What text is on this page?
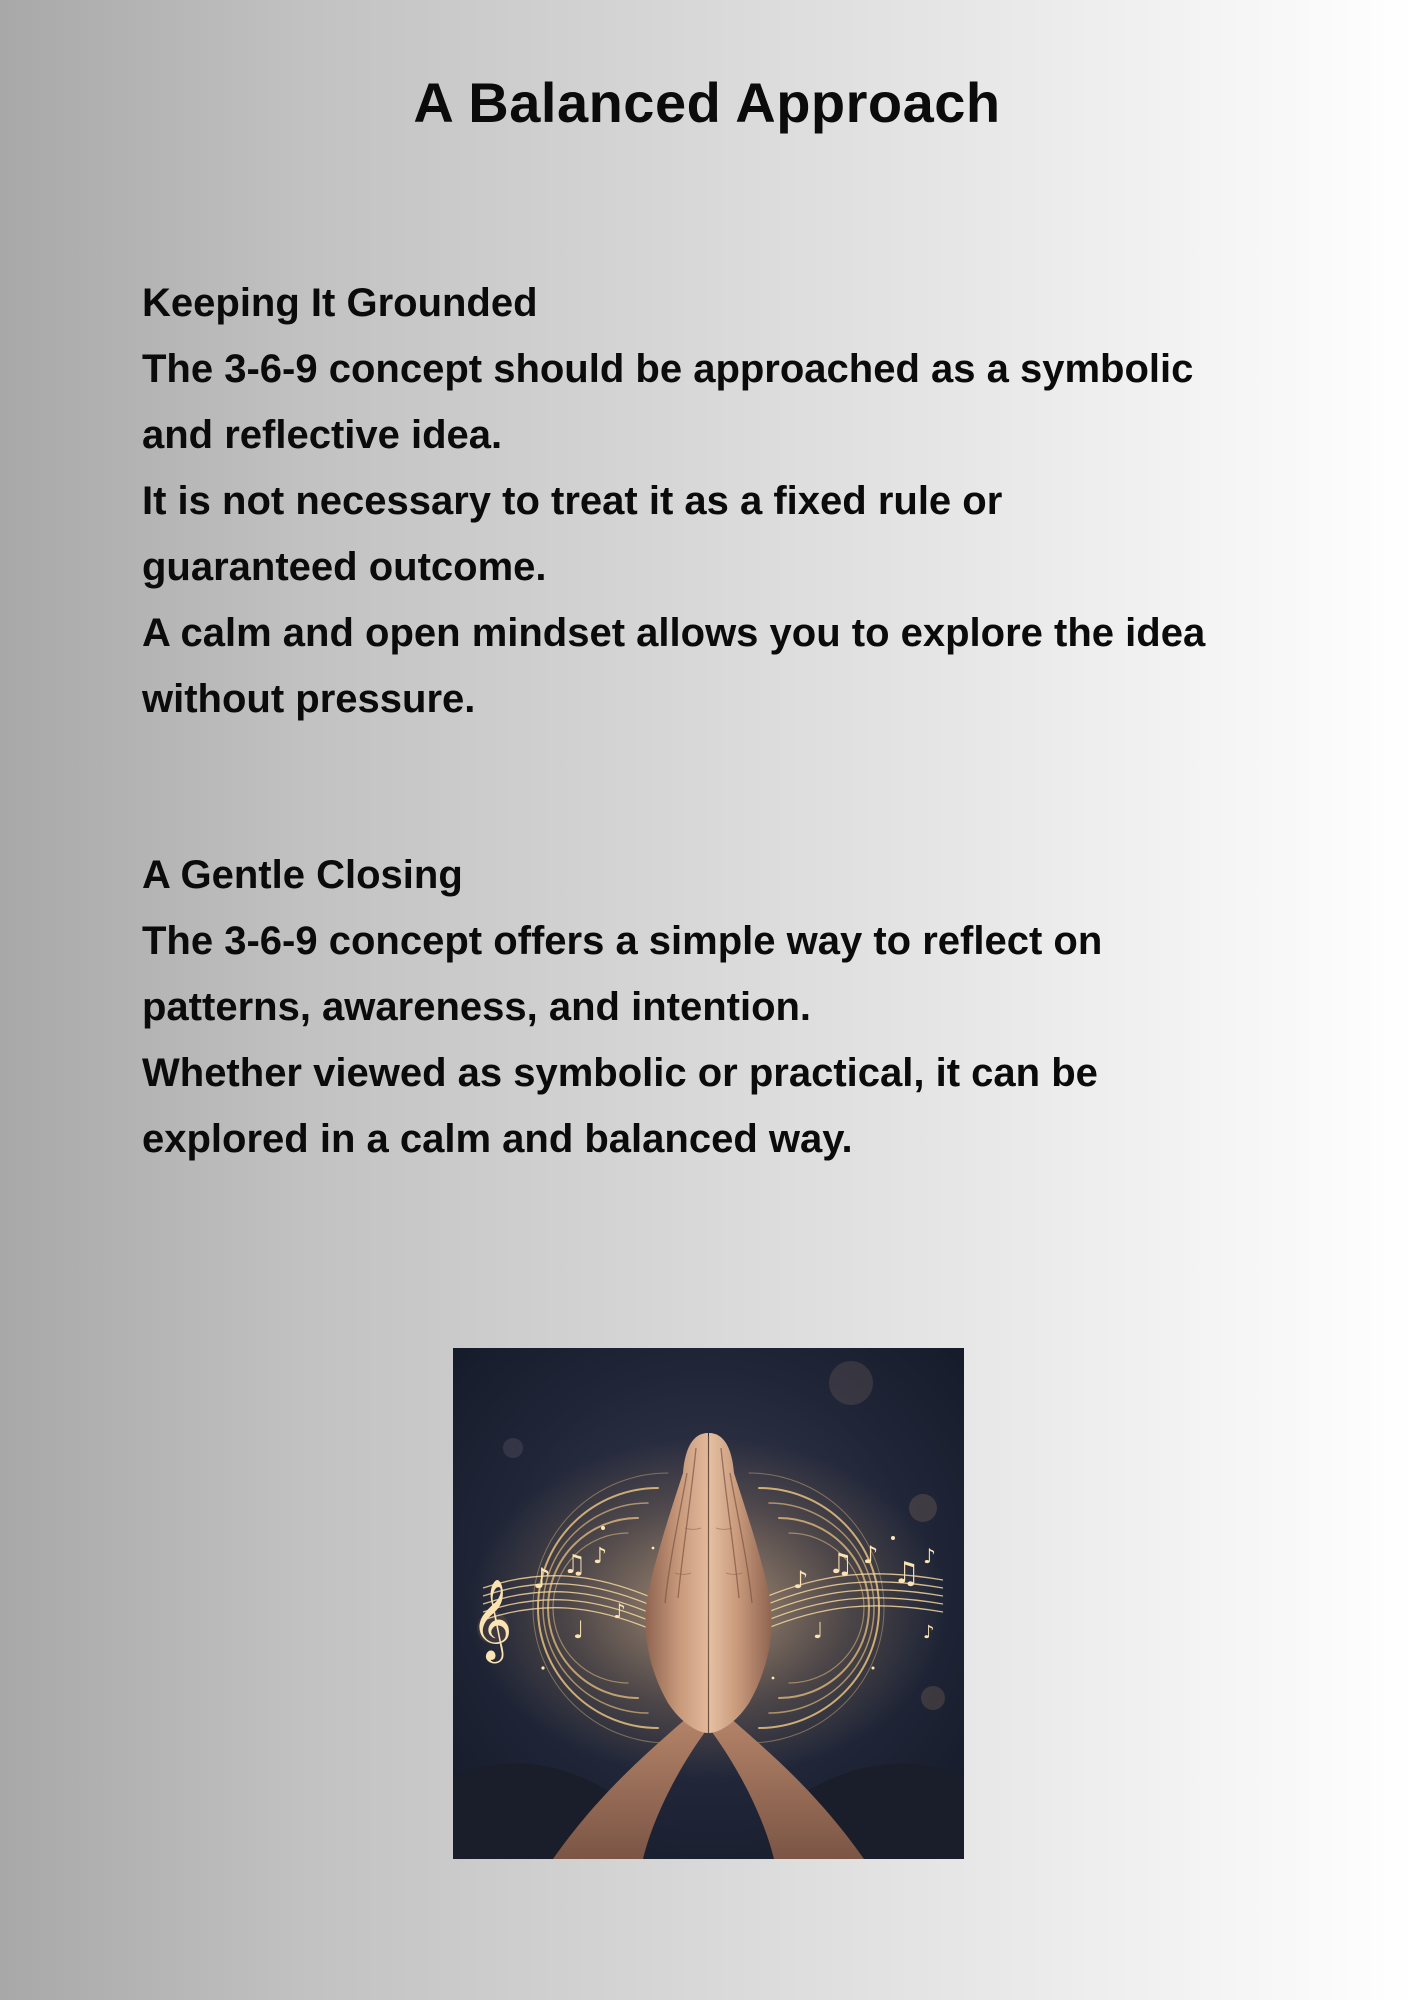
A Balanced Approach

Keeping It Grounded

The 3-6-9 concept should be approached as a symbolic

and reflective idea.

It is not necessary to treat it as a fixed rule or

guaranteed outcome.

A calm and open mindset allows you to explore the idea

without pressure.

A Gentle Closing

The 3-6-9 concept offers a simple way to reflect on

patterns, awareness, and intention.

Whether viewed as symbolic or practical, it can be

explored in a calm and balanced way.

𝄞 ♪ ♫ ♪
♩
♪
♪ ♫ ♪
♫ ♪
♩	♪
